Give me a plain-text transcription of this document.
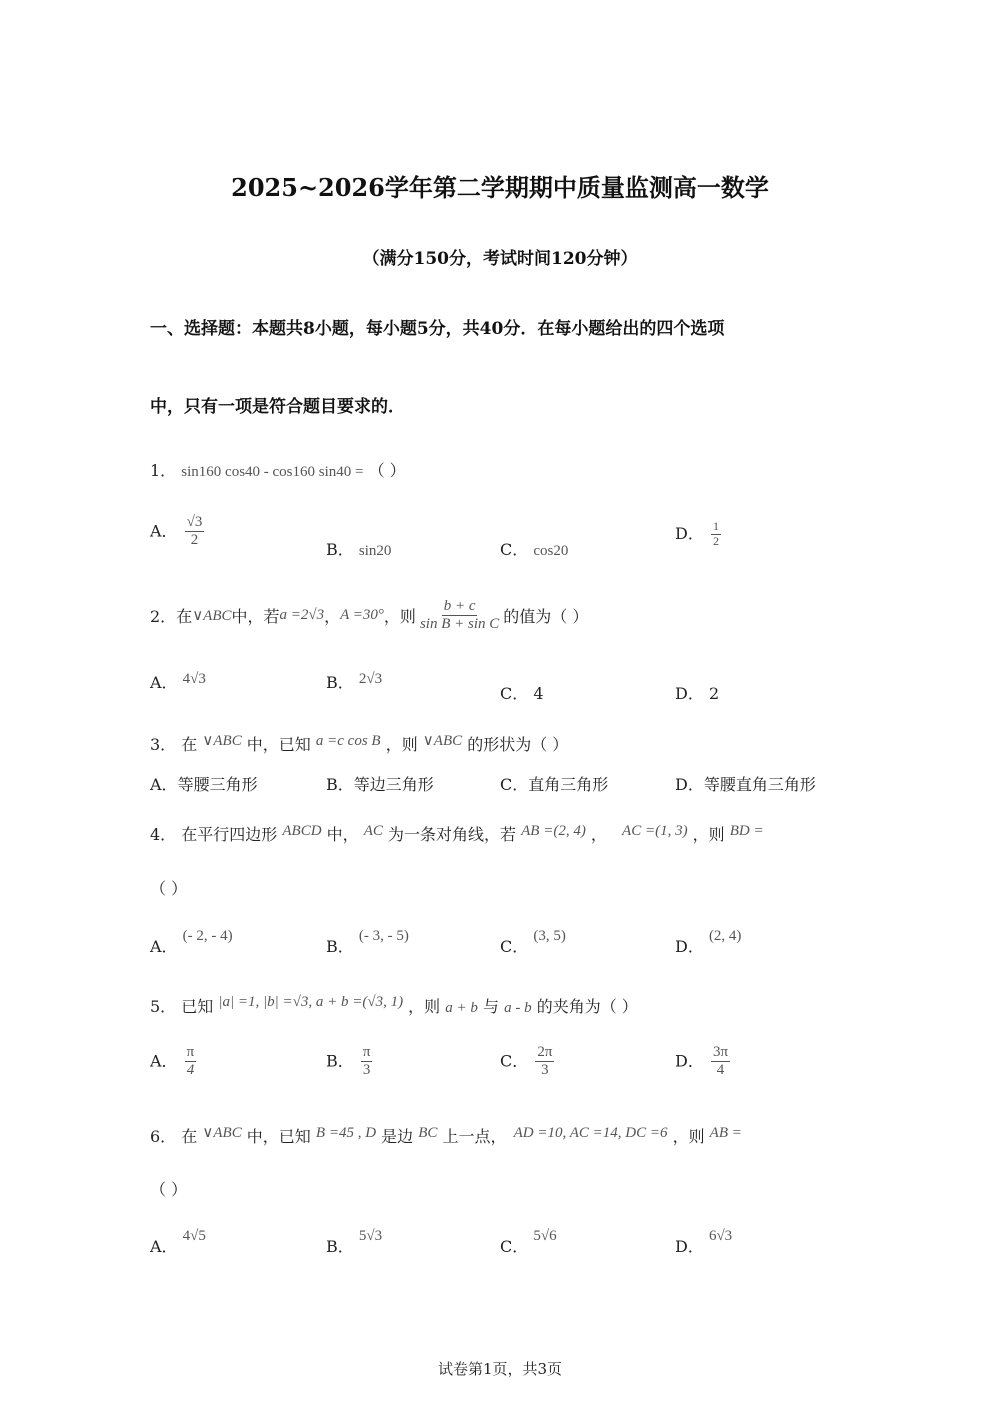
2025~2026学年第二学期期中质量监测高一数学
（满分150分，考试时间120分钟）
一、选择题：本题共8小题，每小题5分，共40分．在每小题给出的四个选项
中，只有一项是符合题目要求的．
1． sin160 cos40 - cos160 sin40 = （ ）
A． $\frac{√3}{2}$	B． sin20	C． cos20
D． $\frac{1}{2}$
2． 在 ∨ABC 中，若 a =2√3 ， A =30° ，则 $\frac{b + c}{\text{sin B + sin C}}$ 的值为（ ）
A． 4√3	B． 2√3
C． 4	D． 2
3． 在 ∨ABC 中，已知 a =c cos B ，则 ∨ABC 的形状为（ ）
A．等腰三角形	B．等边三角形	C．直角三角形	D．等腰直角三角形
4． 在平行四边形 ABCD 中， AC 为一条对角线，若 AB =(2, 4) ， AC =(1, 3) ，则 BD =
（ ）
A． (- 2, - 4)
B． (- 3, - 5)
C． (3, 5)
D． (2, 4)
5． 已知 |a| =1, |b| =√3, a + b =(√3, 1) ，则 a + b 与 a - b 的夹角为（ ）
A． $\frac{\pi}{4}$	B． $\frac{\pi}{3}$	C． $\frac{2\pi}{3}$	D． $\frac{3\pi}{4}$
6． 在 ∨ABC 中，已知 B =45 , D 是边 BC 上一点， AD =10, AC =14, DC =6 ，则 AB =
（ ）
A． 4√5
B． 5√3
C． 5√6
D． 6√3
试卷第1页，共3页
